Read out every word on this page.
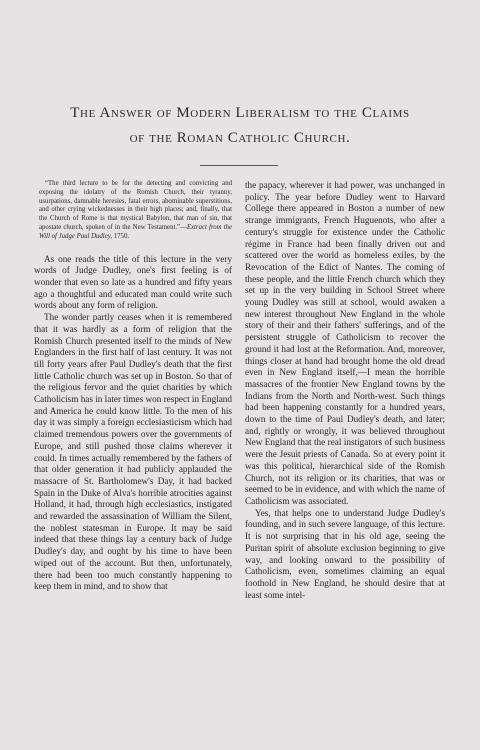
The Answer of Modern Liberalism to the Claims
of the Roman Catholic Church.

“The third lecture to be for the detecting and convicting and exposing the idolatry of the Romish Church, their tyranny, usurpations, damnable heresies, fatal errors, abominable superstitions, and other crying wickednesses in their high places; and, finally, that the Church of Rome is that mystical Babylon, that man of sin, that apostate church, spoken of in the New Testament.”—Extract from the Will of Judge Paul Dudley, 1750.

As one reads the title of this lecture in the very words of Judge Dudley, one's first feeling is of wonder that even so late as a hundred and fifty years ago a thoughtful and educated man could write such words about any form of religion.

The wonder partly ceases when it is remembered that it was hardly as a form of religion that the Romish Church presented itself to the minds of New Englanders in the first half of last century. It was not till forty years after Paul Dudley's death that the first little Catholic church was set up in Boston. So that of the religious fervor and the quiet charities by which Catholicism has in later times won respect in England and America he could know little. To the men of his day it was simply a foreign ecclesiasticism which had claimed tremendous powers over the governments of Europe, and still pushed those claims wherever it could. In times actually remembered by the fathers of that older generation it had publicly applauded the massacre of St. Bartholomew's Day, it had backed Spain in the Duke of Alva's horrible atrocities against Holland, it had, through high ecclesiastics, instigated and rewarded the assassination of William the Silent, the noblest statesman in Europe. It may be said indeed that these things lay a century back of Judge Dudley's day, and ought by his time to have been wiped out of the account. But then, unfortunately, there had been too much constantly happening to keep them in mind, and to show that

the papacy, wherever it had power, was unchanged in policy. The year before Dudley went to Harvard College there appeared in Boston a number of new strange immigrants, French Huguenots, who after a century's struggle for existence under the Catholic régime in France had been finally driven out and scattered over the world as homeless exiles, by the Revocation of the Edict of Nantes. The coming of these people, and the little French church which they set up in the very building in School Street where young Dudley was still at school, would awaken a new interest throughout New England in the whole story of their and their fathers' sufferings, and of the persistent struggle of Catholicism to recover the ground it had lost at the Reformation. And, moreover, things closer at hand had brought home the old dread even in New England itself,—I mean the horrible massacres of the frontier New England towns by the Indians from the North and North-west. Such things had been happening constantly for a hundred years, down to the time of Paul Dudley's death, and later; and, rightly or wrongly, it was believed throughout New England that the real instigators of such business were the Jesuit priests of Canada. So at every point it was this political, hierarchical side of the Romish Church, not its religion or its charities, that was or seemed to be in evidence, and with which the name of Catholicism was associated.

Yes, that helps one to understand Judge Dudley's founding, and in such severe language, of this lecture. It is not surprising that in his old age, seeing the Puritan spirit of absolute exclusion beginning to give way, and looking onward to the possibility of Catholicism, even, sometimes claiming an equal foothold in New England, he should desire that at least some intel-
